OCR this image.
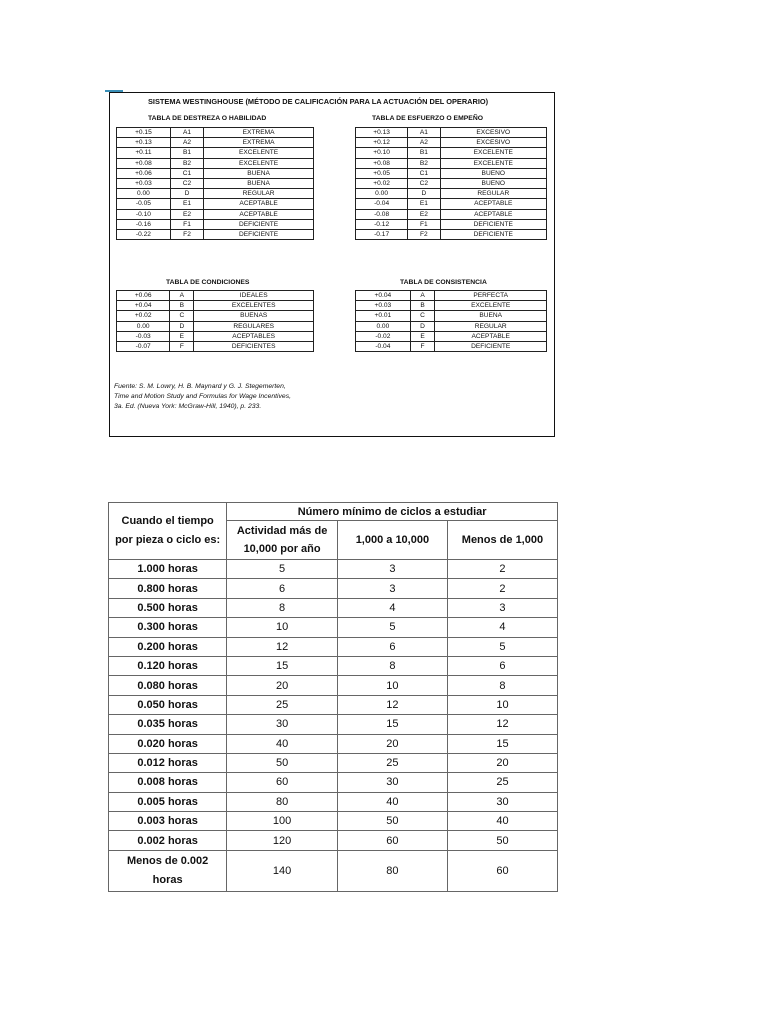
SISTEMA WESTINGHOUSE (MÉTODO DE CALIFICACIÓN PARA LA ACTUACIÓN DEL OPERARIO)
TABLA DE DESTREZA O HABILIDAD
+0.15	A1	EXTREMA
+0.13	A2	EXTREMA
+0.11	B1	EXCELENTE
+0.08	B2	EXCELENTE
+0.06	C1	BUENA
+0.03	C2	BUENA
0.00	D	REGULAR
-0.05	E1	ACEPTABLE
-0.10	E2	ACEPTABLE
-0.16	F1	DEFICIENTE
-0.22	F2	DEFICIENTE
TABLA DE ESFUERZO O EMPEÑO
+0.13	A1	EXCESIVO
+0.12	A2	EXCESIVO
+0.10	B1	EXCELENTE
+0.08	B2	EXCELENTE
+0.05	C1	BUENO
+0.02	C2	BUENO
0.00	D	REGULAR
-0.04	E1	ACEPTABLE
-0.08	E2	ACEPTABLE
-0.12	F1	DEFICIENTE
-0.17	F2	DEFICIENTE
TABLA DE CONDICIONES
+0.06	A	IDEALES
+0.04	B	EXCELENTES
+0.02	C	BUENAS
0.00	D	REGULARES
-0.03	E	ACEPTABLES
-0.07	F	DEFICIENTES
TABLA DE CONSISTENCIA
+0.04	A	PERFECTA
+0.03	B	EXCELENTE
+0.01	C	BUENA
0.00	D	REGULAR
-0.02	E	ACEPTABLE
-0.04	F	DEFICIENTE
Fuente: S. M. Lowry, H. B. Maynard y G. J. Stegemerten,
Time and Motion Study and Formulas for Wage Incentives,
3a. Ed. (Nueva York: McGraw-Hill, 1940), p. 233.
Cuando el tiempo por pieza o ciclo es:	Número mínimo de ciclos a estudiar		
	Actividad más de 10,000 por año	1,000 a 10,000	Menos de 1,000
1.000 horas	5	3	2
0.800 horas	6	3	2
0.500 horas	8	4	3
0.300 horas	10	5	4
0.200 horas	12	6	5
0.120 horas	15	8	6
0.080 horas	20	10	8
0.050 horas	25	12	10
0.035 horas	30	15	12
0.020 horas	40	20	15
0.012 horas	50	25	20
0.008 horas	60	30	25
0.005 horas	80	40	30
0.003 horas	100	50	40
0.002 horas	120	60	50
Menos de 0.002 horas	140	80	60
